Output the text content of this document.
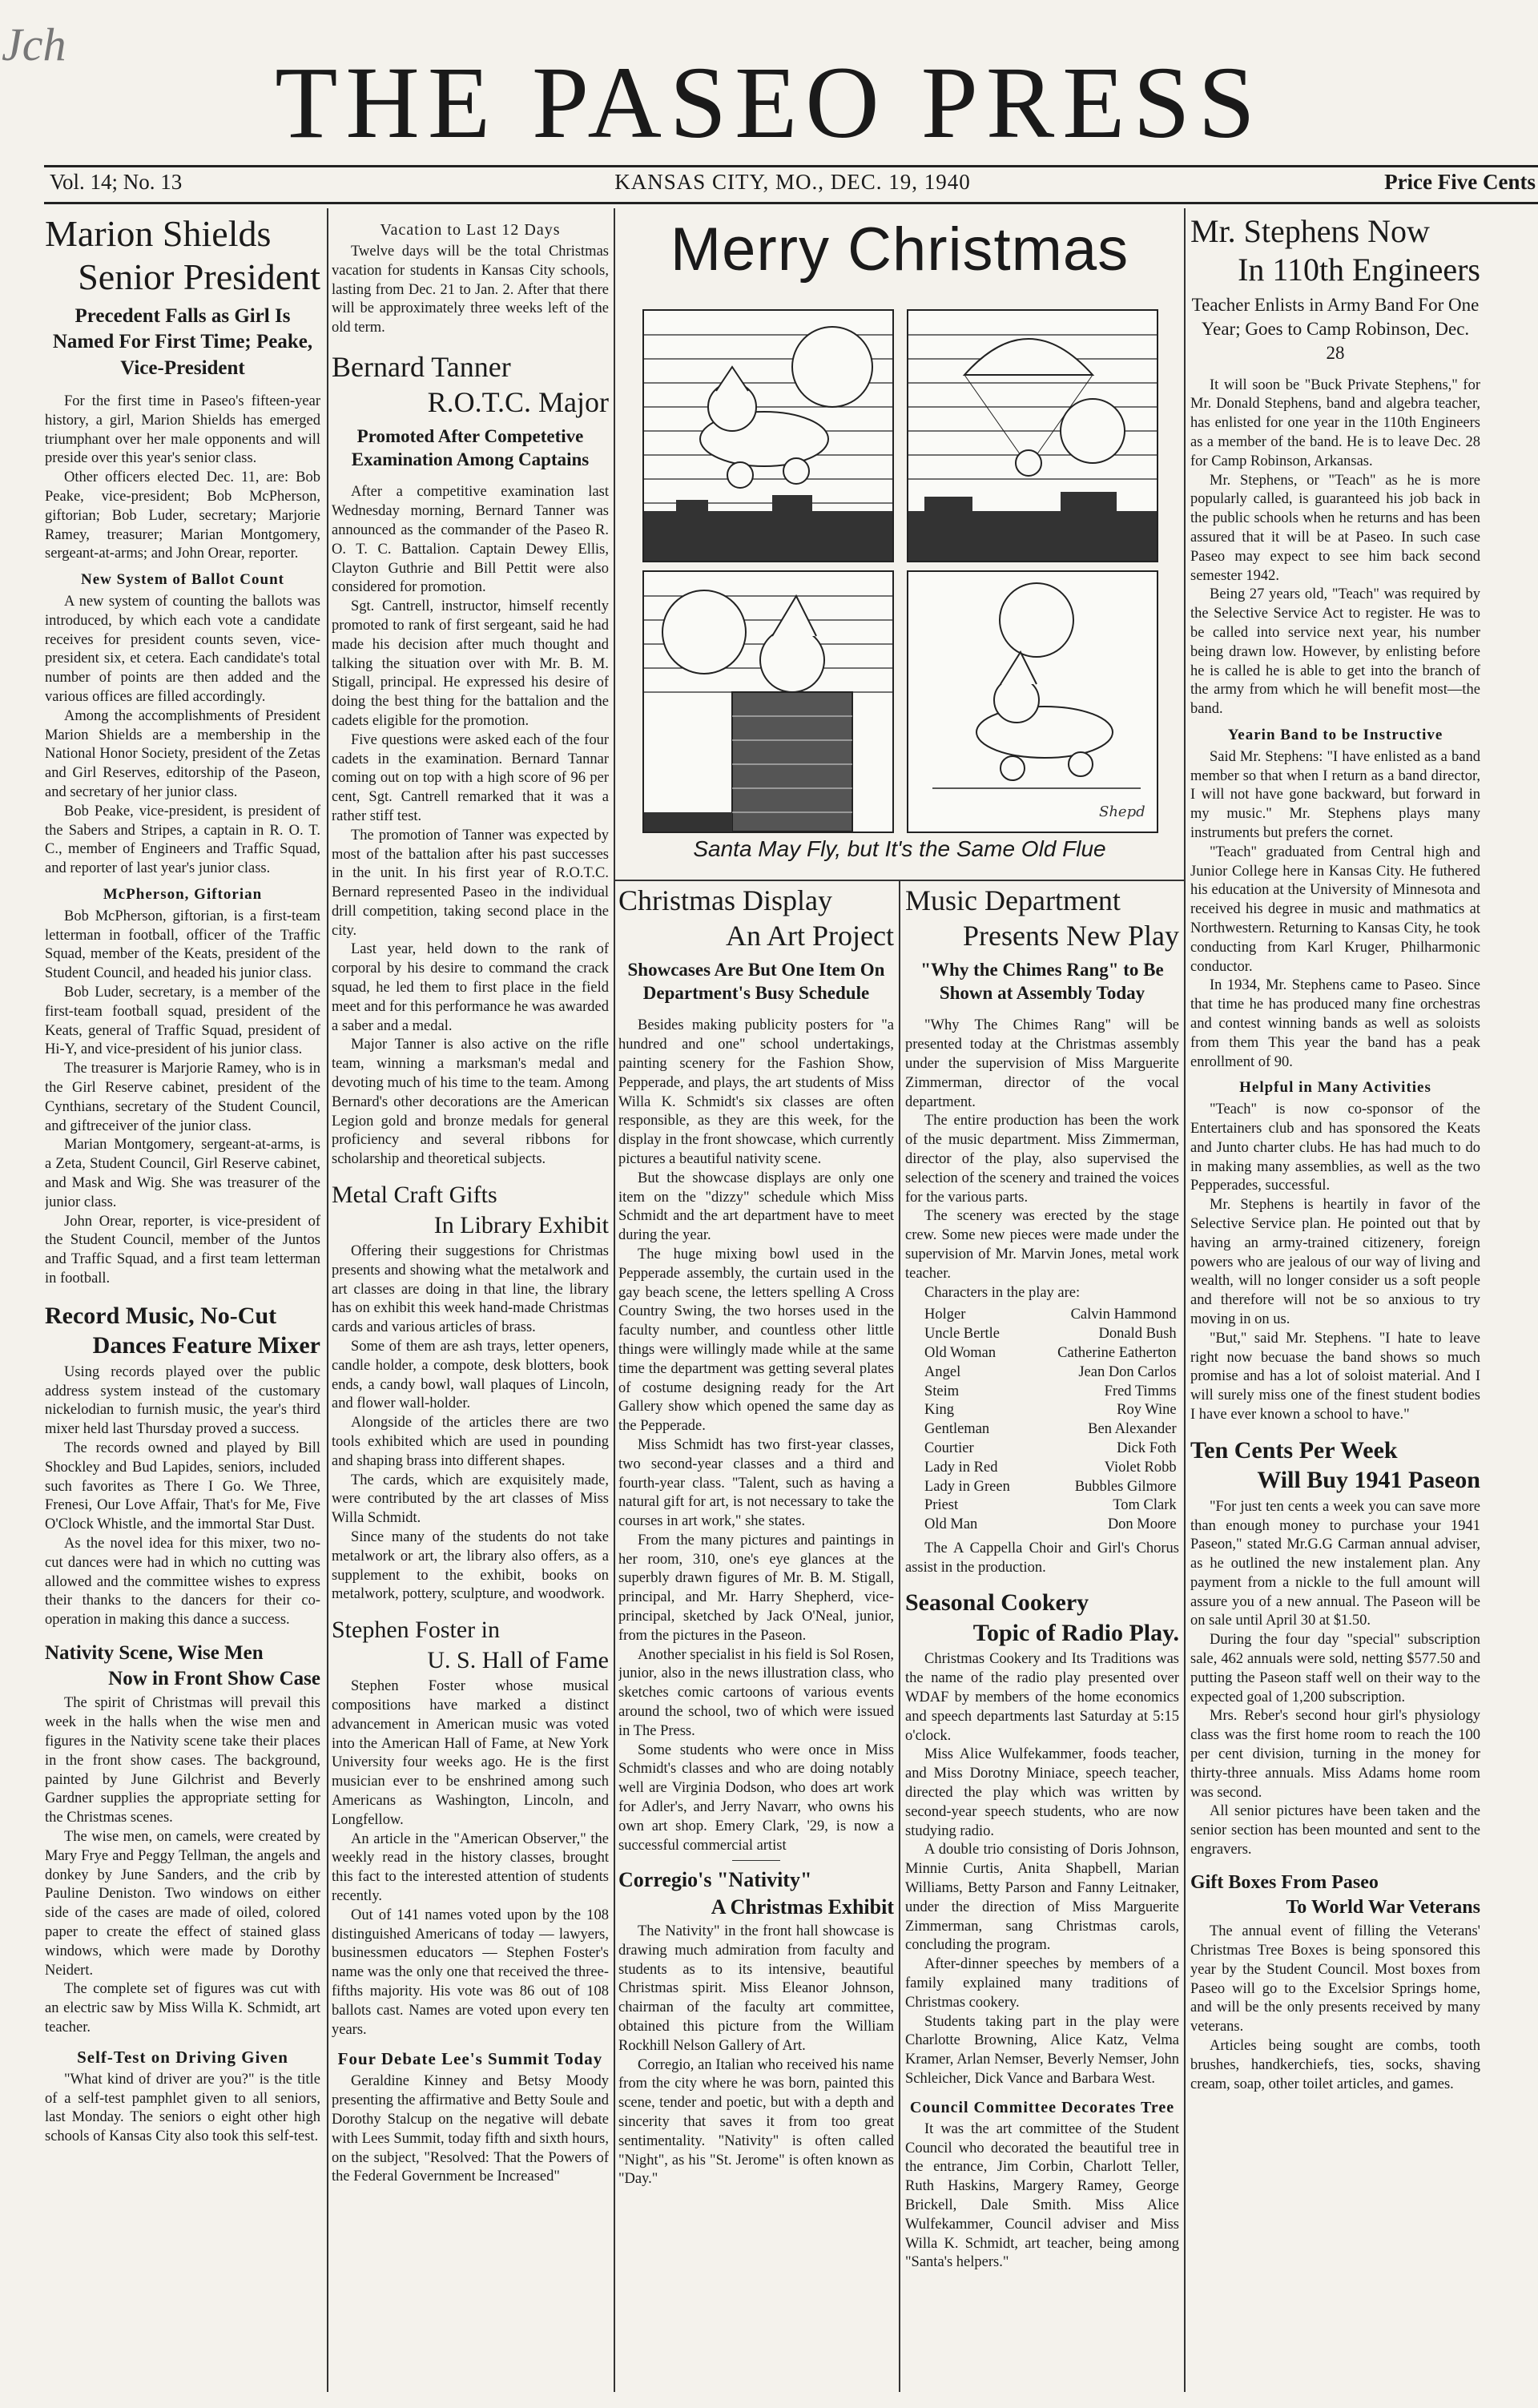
Jch
THE PASEO PRESS
Vol. 14; No. 13	KANSAS CITY, MO., DEC. 19, 1940	Price Five Cents
Marion Shields
Senior President
Precedent Falls as Girl Is Named For First Time; Peake, Vice-President

For the first time in Paseo's fifteen-year history, a girl, Marion Shields has emerged triumphant over her male opponents and will preside over this year's senior class.

Other officers elected Dec. 11, are: Bob Peake, vice-president; Bob McPherson, giftorian; Bob Luder, secretary; Marjorie Ramey, treasurer; Marian Montgomery, sergeant-at-arms; and John Orear, reporter.

New System of Ballot Count

A new system of counting the ballots was introduced, by which each vote a candidate receives for president counts seven, vice-president six, et cetera. Each candidate's total number of points are then added and the various offices are filled accordingly.

Among the accomplishments of President Marion Shields are a membership in the National Honor Society, president of the Zetas and Girl Reserves, editorship of the Paseon, and secretary of her junior class.

Bob Peake, vice-president, is president of the Sabers and Stripes, a captain in R. O. T. C., member of Engineers and Traffic Squad, and reporter of last year's junior class.

McPherson, Giftorian

Bob McPherson, giftorian, is a first-team letterman in football, officer of the Traffic Squad, member of the Keats, president of the Student Council, and headed his junior class.

Bob Luder, secretary, is a member of the first-team football squad, president of the Keats, general of Traffic Squad, president of Hi-Y, and vice-president of his junior class.

The treasurer is Marjorie Ramey, who is in the Girl Reserve cabinet, president of the Cynthians, secretary of the Student Council, and giftreceiver of the junior class.

Marian Montgomery, sergeant-at-arms, is a Zeta, Student Council, Girl Reserve cabinet, and Mask and Wig. She was treasurer of the junior class.

John Orear, reporter, is vice-president of the Student Council, member of the Juntos and Traffic Squad, and a first team letterman in football.

Record Music, No-Cut
Dances Feature Mixer

Using records played over the public address system instead of the customary nickelodian to furnish music, the year's third mixer held last Thursday proved a success.

The records owned and played by Bill Shockley and Bud Lapides, seniors, included such favorites as There I Go. We Three, Frenesi, Our Love Affair, That's for Me, Five O'Clock Whistle, and the immortal Star Dust.

As the novel idea for this mixer, two no-cut dances were had in which no cutting was allowed and the committee wishes to express their thanks to the dancers for their co-operation in making this dance a success.

Nativity Scene, Wise Men
Now in Front Show Case

The spirit of Christmas will prevail this week in the halls when the wise men and figures in the Nativity scene take their places in the front show cases. The background, painted by June Gilchrist and Beverly Gardner supplies the appropriate setting for the Christmas scenes.

The wise men, on camels, were created by Mary Frye and Peggy Tellman, the angels and donkey by June Sanders, and the crib by Pauline Deniston. Two windows on either side of the cases are made of oiled, colored paper to create the effect of stained glass windows, which were made by Dorothy Neidert.

The complete set of figures was cut with an electric saw by Miss Willa K. Schmidt, art teacher.

Self-Test on Driving Given

"What kind of driver are you?" is the title of a self-test pamphlet given to all seniors, last Monday. The seniors o eight other high schools of Kansas City also took this self-test.

Vacation to Last 12 Days

Twelve days will be the total Christmas vacation for students in Kansas City schools, lasting from Dec. 21 to Jan. 2. After that there will be approximately three weeks left of the old term.

Bernard Tanner
R.O.T.C. Major
Promoted After Competetive Examination Among Captains

After a competitive examination last Wednesday morning, Bernard Tanner was announced as the commander of the Paseo R. O. T. C. Battalion. Captain Dewey Ellis, Clayton Guthrie and Bill Pettit were also considered for promotion.

Sgt. Cantrell, instructor, himself recently promoted to rank of first sergeant, said he had made his decision after much thought and talking the situation over with Mr. B. M. Stigall, principal. He expressed his desire of doing the best thing for the battalion and the cadets eligible for the promotion.

Five questions were asked each of the four cadets in the examination. Bernard Tannar coming out on top with a high score of 96 per cent, Sgt. Cantrell remarked that it was a rather stiff test.

The promotion of Tanner was expected by most of the battalion after his past successes in the unit. In his first year of R.O.T.C. Bernard represented Paseo in the individual drill competition, taking second place in the city.

Last year, held down to the rank of corporal by his desire to command the crack squad, he led them to first place in the field meet and for this performance he was awarded a saber and a medal.

Major Tanner is also active on the rifle team, winning a marksman's medal and devoting much of his time to the team. Among Bernard's other decorations are the American Legion gold and bronze medals for general proficiency and several ribbons for scholarship and theoretical subjects.

Metal Craft Gifts
In Library Exhibit

Offering their suggestions for Christmas presents and showing what the metalwork and art classes are doing in that line, the library has on exhibit this week hand-made Christmas cards and various articles of brass.

Some of them are ash trays, letter openers, candle holder, a compote, desk blotters, book ends, a candy bowl, wall plaques of Lincoln, and flower wall-holder.

Alongside of the articles there are two tools exhibited which are used in pounding and shaping brass into different shapes.

The cards, which are exquisitely made, were contributed by the art classes of Miss Willa Schmidt.

Since many of the students do not take metalwork or art, the library also offers, as a supplement to the exhibit, books on metalwork, pottery, sculpture, and woodwork.

Stephen Foster in
U. S. Hall of Fame

Stephen Foster whose musical compositions have marked a distinct advancement in American music was voted into the American Hall of Fame, at New York University four weeks ago. He is the first musician ever to be enshrined among such Americans as Washington, Lincoln, and Longfellow.

An article in the "American Observer," the weekly read in the history classes, brought this fact to the interested attention of students recently.

Out of 141 names voted upon by the 108 distinguished Americans of today — lawyers, businessmen educators — Stephen Foster's name was the only one that received the three-fifths majority. His vote was 86 out of 108 ballots cast. Names are voted upon every ten years.

Four Debate Lee's Summit Today

Geraldine Kinney and Betsy Moody presenting the affirmative and Betty Soule and Dorothy Stalcup on the negative will debate with Lees Summit, today fifth and sixth hours, on the subject, "Resolved: That the Powers of the Federal Government be Increased"

Merry Christmas
Shepd
Santa May Fly, but It's the Same Old Flue
Christmas Display
An Art Project
Showcases Are But One Item On Department's Busy Schedule

Besides making publicity posters for "a hundred and one" school undertakings, painting scenery for the Fashion Show, Pepperade, and plays, the art students of Miss Willa K. Schmidt's six classes are often responsible, as they are this week, for the display in the front showcase, which currently pictures a beautiful nativity scene.

But the showcase displays are only one item on the "dizzy" schedule which Miss Schmidt and the art department have to meet during the year.

The huge mixing bowl used in the Pepperade assembly, the curtain used in the gay beach scene, the letters spelling A Cross Country Swing, the two horses used in the faculty number, and countless other little things were willingly made while at the same time the department was getting several plates of costume designing ready for the Art Gallery show which opened the same day as the Pepperade.

Miss Schmidt has two first-year classes, two second-year classes and a third and fourth-year class. "Talent, such as having a natural gift for art, is not necessary to take the courses in art work," she states.

From the many pictures and paintings in her room, 310, one's eye glances at the superbly drawn figures of Mr. B. M. Stigall, principal, and Mr. Harry Shepherd, vice-principal, sketched by Jack O'Neal, junior, from the pictures in the Paseon.

Another specialist in his field is Sol Rosen, junior, also in the news illustration class, who sketches comic cartoons of various events around the school, two of which were issued in The Press.

Some students who were once in Miss Schmidt's classes and who are doing notably well are Virginia Dodson, who does art work for Adler's, and Jerry Navarr, who owns his own art shop. Emery Clark, '29, is now a successful commercial artist

Corregio's "Nativity"
A Christmas Exhibit

The Nativity" in the front hall showcase is drawing much admiration from faculty and students as to its intensive, beautiful Christmas spirit. Miss Eleanor Johnson, chairman of the faculty art committee, obtained this picture from the William Rockhill Nelson Gallery of Art.

Corregio, an Italian who received his name from the city where he was born, painted this scene, tender and poetic, but with a depth and sincerity that saves it from too great sentimentality. "Nativity" is often called "Night", as his "St. Jerome" is often known as "Day."

Music Department
Presents New Play
"Why the Chimes Rang" to Be Shown at Assembly Today

"Why The Chimes Rang" will be presented today at the Christmas assembly under the supervision of Miss Marguerite Zimmerman, director of the vocal department.

The entire production has been the work of the music department. Miss Zimmerman, director of the play, also supervised the selection of the scenery and trained the voices for the various parts.

The scenery was erected by the stage crew. Some new pieces were made under the supervision of Mr. Marvin Jones, metal work teacher.

Characters in the play are:

Holger	Calvin Hammond
Uncle Bertle	Donald Bush
Old Woman	Catherine Eatherton
Angel	Jean Don Carlos
Steim	Fred Timms
King	Roy Wine
Gentleman	Ben Alexander
Courtier	Dick Foth
Lady in Red	Violet Robb
Lady in Green	Bubbles Gilmore
Priest	Tom Clark
Old Man	Don Moore

The A Cappella Choir and Girl's Chorus assist in the production.

Seasonal Cookery
Topic of Radio Play.

Christmas Cookery and Its Traditions was the name of the radio play presented over WDAF by members of the home economics and speech departments last Saturday at 5:15 o'clock.

Miss Alice Wulfekammer, foods teacher, and Miss Dorotny Miniace, speech teacher, directed the play which was written by second-year speech students, who are now studying radio.

A double trio consisting of Doris Johnson, Minnie Curtis, Anita Shapbell, Marian Williams, Betty Parson and Fanny Leitnaker, under the direction of Miss Marguerite Zimmerman, sang Christmas carols, concluding the program.

After-dinner speeches by members of a family explained many traditions of Christmas cookery.

Students taking part in the play were Charlotte Browning, Alice Katz, Velma Kramer, Arlan Nemser, Beverly Nemser, John Schleicher, Dick Vance and Barbara West.

Council Committee Decorates Tree

It was the art committee of the Student Council who decorated the beautiful tree in the entrance, Jim Corbin, Charlott Teller, Ruth Haskins, Margery Ramey, George Brickell, Dale Smith. Miss Alice Wulfekammer, Council adviser and Miss Willa K. Schmidt, art teacher, being among "Santa's helpers."

Mr. Stephens Now
In 110th Engineers
Teacher Enlists in Army Band For One Year; Goes to Camp Robinson, Dec. 28

It will soon be "Buck Private Stephens," for Mr. Donald Stephens, band and algebra teacher, has enlisted for one year in the 110th Engineers as a member of the band. He is to leave Dec. 28 for Camp Robinson, Arkansas.

Mr. Stephens, or "Teach" as he is more popularly called, is guaranteed his job back in the public schools when he returns and has been assured that it will be at Paseo. In such case Paseo may expect to see him back second semester 1942.

Being 27 years old, "Teach" was required by the Selective Service Act to register. He was to be called into service next year, his number being drawn low. However, by enlisting before he is called he is able to get into the branch of the army from which he will benefit most—the band.

Yearin Band to be Instructive

Said Mr. Stephens: "I have enlisted as a band member so that when I return as a band director, I will not have gone backward, but forward in my music." Mr. Stephens plays many instruments but prefers the cornet.

"Teach" graduated from Central high and Junior College here in Kansas City. He futhered his education at the University of Minnesota and received his degree in music and mathmatics at Northwestern. Returning to Kansas City, he took conducting from Karl Kruger, Philharmonic conductor.

In 1934, Mr. Stephens came to Paseo. Since that time he has produced many fine orchestras and contest winning bands as well as soloists from them This year the band has a peak enrollment of 90.

Helpful in Many Activities

"Teach" is now co-sponsor of the Entertainers club and has sponsored the Keats and Junto charter clubs. He has had much to do in making many assemblies, as well as the two Pepperades, successful.

Mr. Stephens is heartily in favor of the Selective Service plan. He pointed out that by having an army-trained citizenery, foreign powers who are jealous of our way of living and wealth, will no longer consider us a soft people and therefore will not be so anxious to try moving in on us.

"But," said Mr. Stephens. "I hate to leave right now becuase the band shows so much promise and has a lot of soloist material. And I will surely miss one of the finest student bodies I have ever known a school to have."

Ten Cents Per Week
Will Buy 1941 Paseon

"For just ten cents a week you can save more than enough money to purchase your 1941 Paseon," stated Mr.G.G Carman annual adviser, as he outlined the new instalement plan. Any payment from a nickle to the full amount will assure you of a new annual. The Paseon will be on sale until April 30 at $1.50.

During the four day "special" subscription sale, 462 annuals were sold, netting $577.50 and putting the Paseon staff well on their way to the expected goal of 1,200 subscription.

Mrs. Reber's second hour girl's physiology class was the first home room to reach the 100 per cent division, turning in the money for thirty-three annuals. Miss Adams home room was second.

All senior pictures have been taken and the senior section has been mounted and sent to the engravers.

Gift Boxes From Paseo
To World War Veterans

The annual event of filling the Veterans' Christmas Tree Boxes is being sponsored this year by the Student Council. Most boxes from Paseo will go to the Excelsior Springs home, and will be the only presents received by many veterans.

Articles being sought are combs, tooth brushes, handkerchiefs, ties, socks, shaving cream, soap, other toilet articles, and games.
